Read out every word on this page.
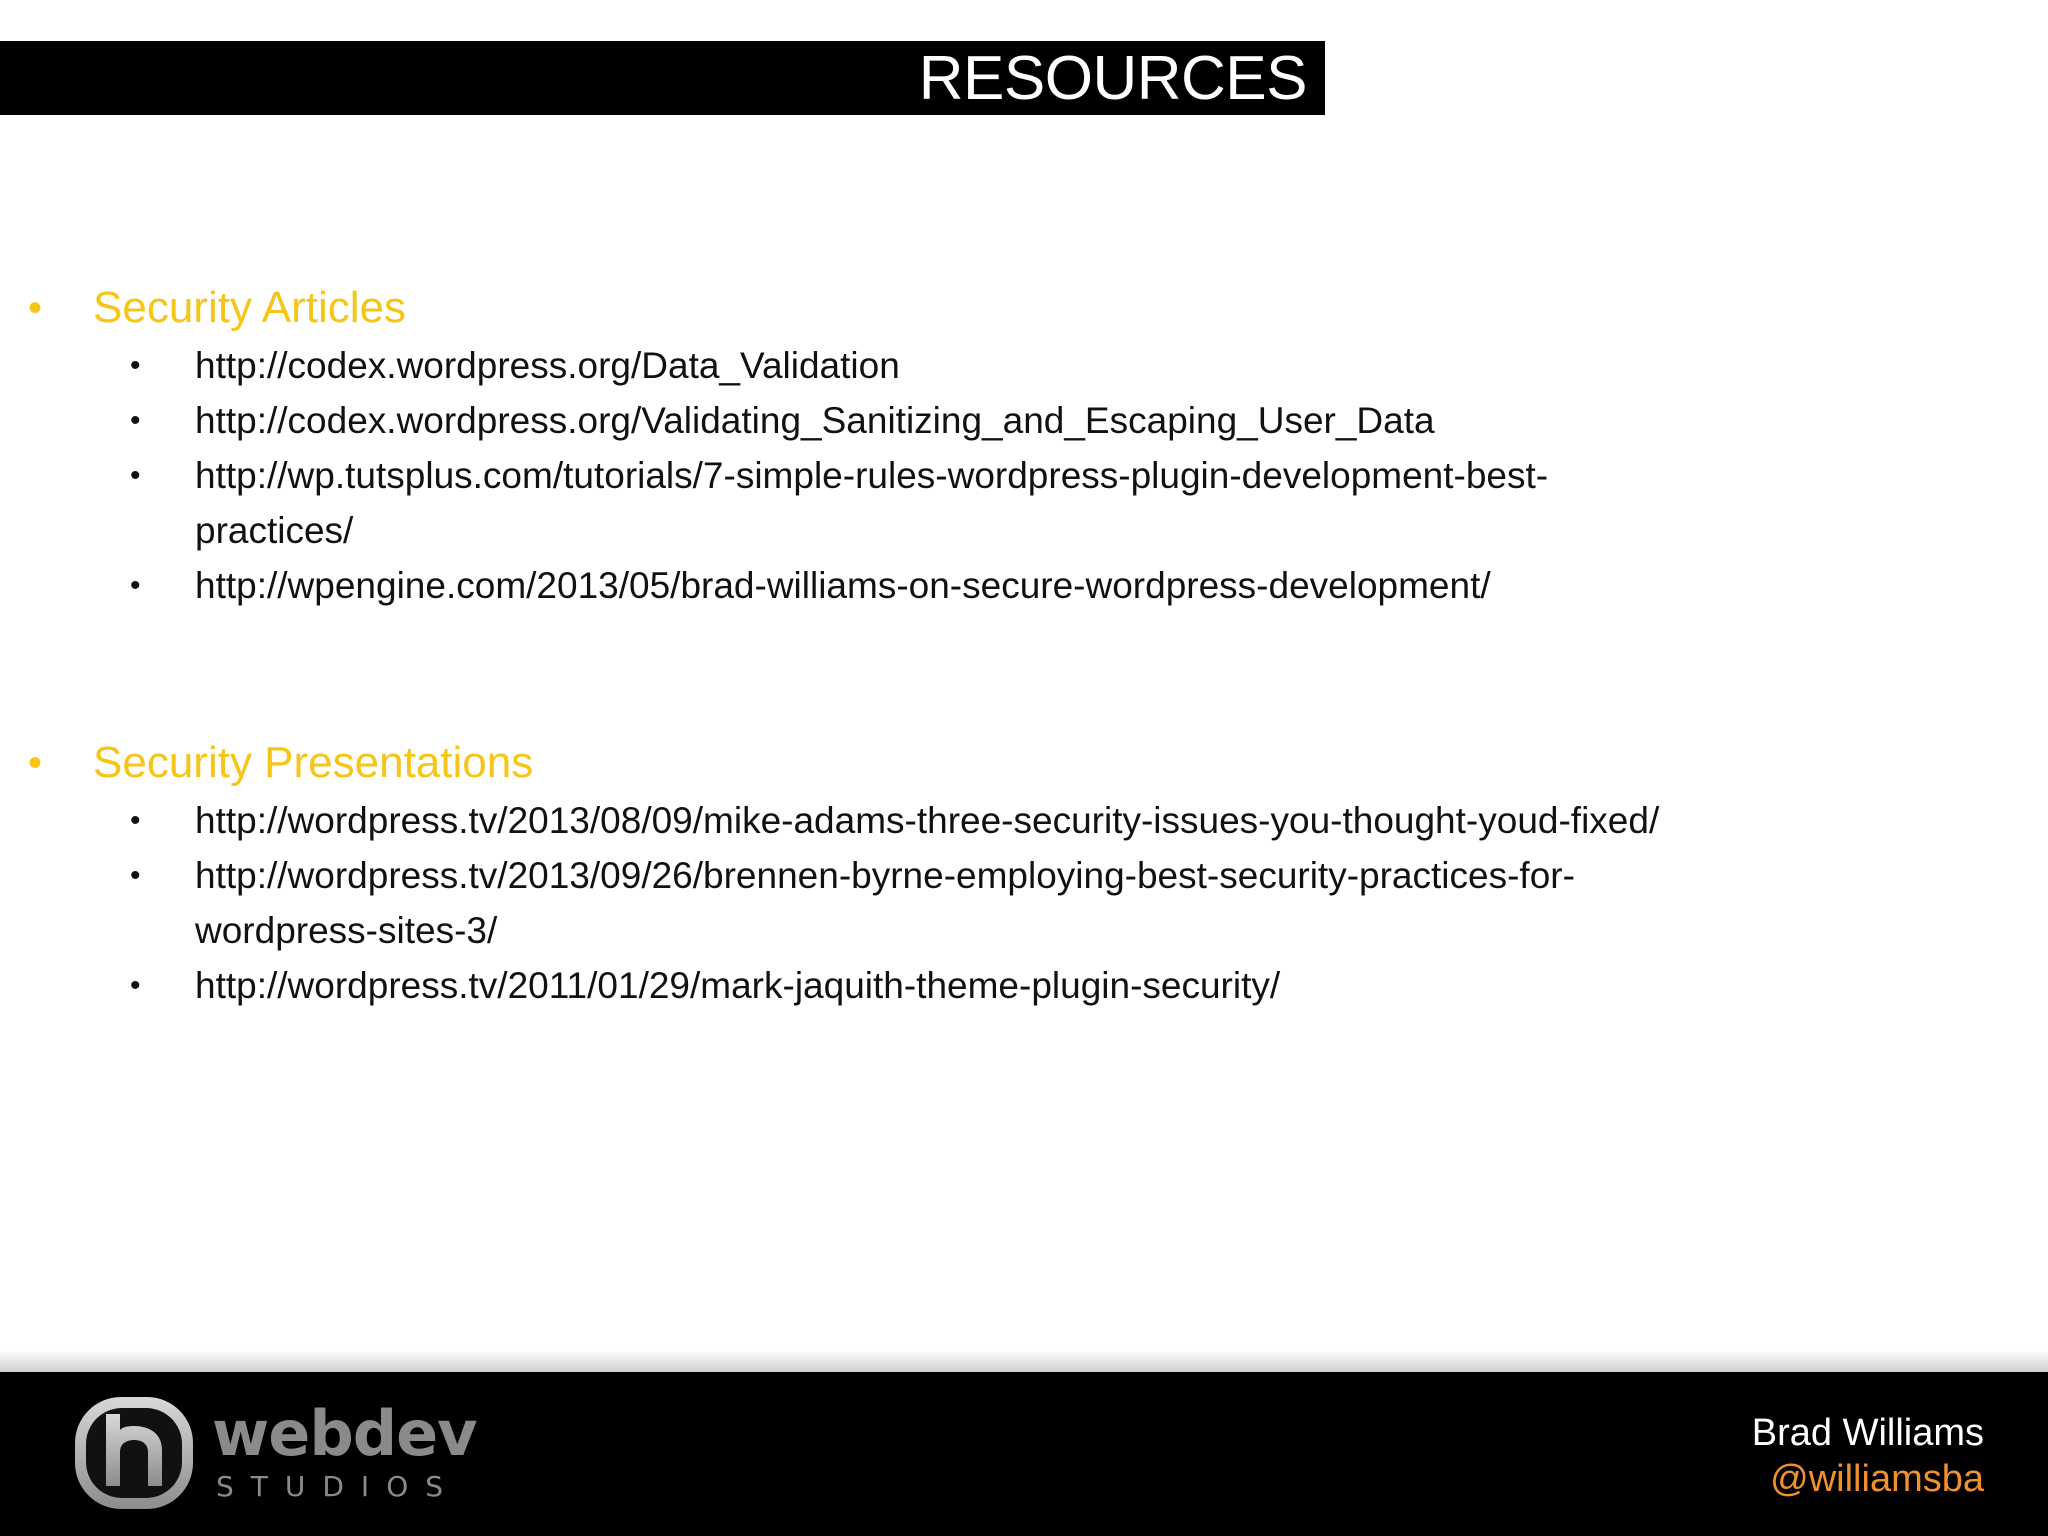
RESOURCES
• Security Articles
• http://codex.wordpress.org/Data_Validation
• http://codex.wordpress.org/Validating_Sanitizing_and_Escaping_User_Data
• http://wp.tutsplus.com/tutorials/7-simple-rules-wordpress-plugin-development-best-
practices/
• http://wpengine.com/2013/05/brad-williams-on-secure-wordpress-development/
• Security Presentations
• http://wordpress.tv/2013/08/09/mike-adams-three-security-issues-you-thought-youd-fixed/
• http://wordpress.tv/2013/09/26/brennen-byrne-employing-best-security-practices-for-
wordpress-sites-3/
• http://wordpress.tv/2011/01/29/mark-jaquith-theme-plugin-security/
webdev
STUDIOS
Brad Williams
@williamsba
